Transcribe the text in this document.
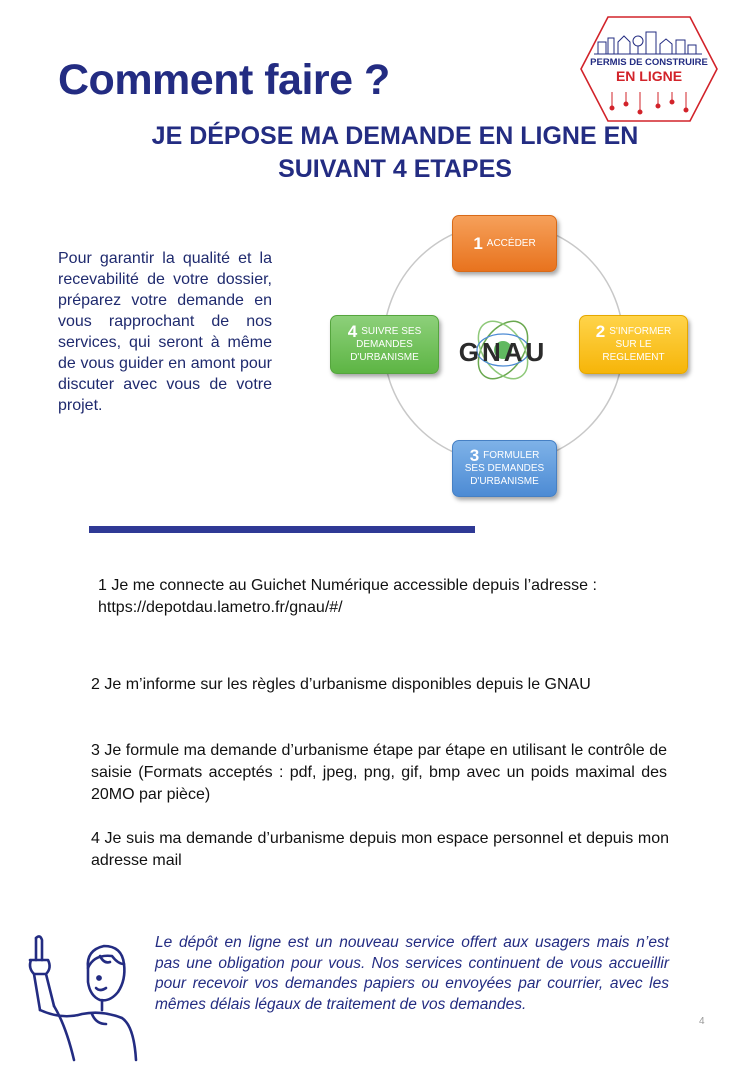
Comment faire ?	PERMIS DE CONSTRUIRE
EN LIGNE
JE DÉPOSE MA DEMANDE EN LIGNE EN
SUIVANT 4 ETAPES
Pour garantir la qualité et la recevabilité de votre dossier, préparez votre demande en vous rapprochant de nos services, qui seront à même de vous guider en amont pour discuter avec vous de votre projet.
GNAU
1 ACCÉDER
2 S'INFORMER
SUR LE
REGLEMENT
3 FORMULER
SES DEMANDES
D'URBANISME
4 SUIVRE SES
DEMANDES
D'URBANISME
1 Je me connecte au Guichet Numérique accessible depuis l’adresse :
https://depotdau.lametro.fr/gnau/#/
2 Je m’informe sur les règles d’urbanisme disponibles depuis le GNAU
3 Je formule ma demande d’urbanisme étape par étape en utilisant le contrôle de saisie (Formats acceptés : pdf, jpeg, png, gif, bmp avec un poids maximal des 20MO par pièce)
4 Je suis ma demande d’urbanisme depuis mon espace personnel et depuis mon adresse mail
Le dépôt en ligne est un nouveau service offert aux usagers mais n’est pas une obligation pour vous. Nos services continuent de vous accueillir pour recevoir vos demandes papiers ou envoyées par courrier, avec les mêmes délais légaux de traitement de vos demandes.
4
